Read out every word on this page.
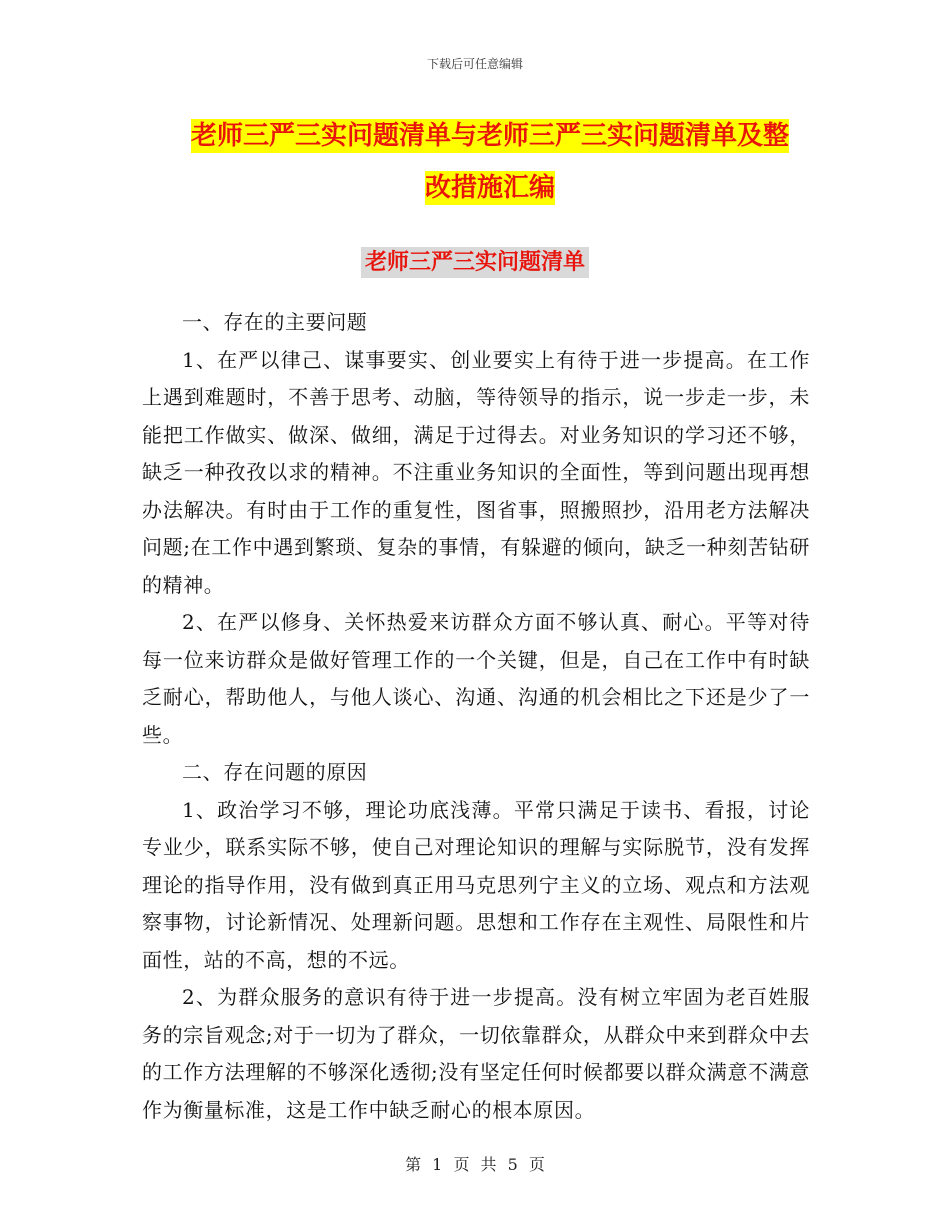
下载后可任意编辑
老师三严三实问题清单与老师三严三实问题清单及整
改措施汇编
老师三严三实问题清单

一、存在的主要问题

1、在严以律己、谋事要实、创业要实上有待于进一步提高。在工作上遇到难题时，不善于思考、动脑，等待领导的指示，说一步走一步，未能把工作做实、做深、做细，满足于过得去。对业务知识的学习还不够，缺乏一种孜孜以求的精神。不注重业务知识的全面性，等到问题出现再想办法解决。有时由于工作的重复性，图省事，照搬照抄，沿用老方法解决问题;在工作中遇到繁琐、复杂的事情，有躲避的倾向，缺乏一种刻苦钻研的精神。

2、在严以修身、关怀热爱来访群众方面不够认真、耐心。平等对待每一位来访群众是做好管理工作的一个关键，但是，自己在工作中有时缺乏耐心，帮助他人，与他人谈心、沟通、沟通的机会相比之下还是少了一些。

二、存在问题的原因

1、政治学习不够，理论功底浅薄。平常只满足于读书、看报，讨论专业少，联系实际不够，使自己对理论知识的理解与实际脱节，没有发挥理论的指导作用，没有做到真正用马克思列宁主义的立场、观点和方法观察事物，讨论新情况、处理新问题。思想和工作存在主观性、局限性和片面性，站的不高，想的不远。

2、为群众服务的意识有待于进一步提高。没有树立牢固为老百姓服务的宗旨观念;对于一切为了群众，一切依靠群众，从群众中来到群众中去的工作方法理解的不够深化透彻;没有坚定任何时候都要以群众满意不满意作为衡量标准，这是工作中缺乏耐心的根本原因。

第 1 页 共 5 页
